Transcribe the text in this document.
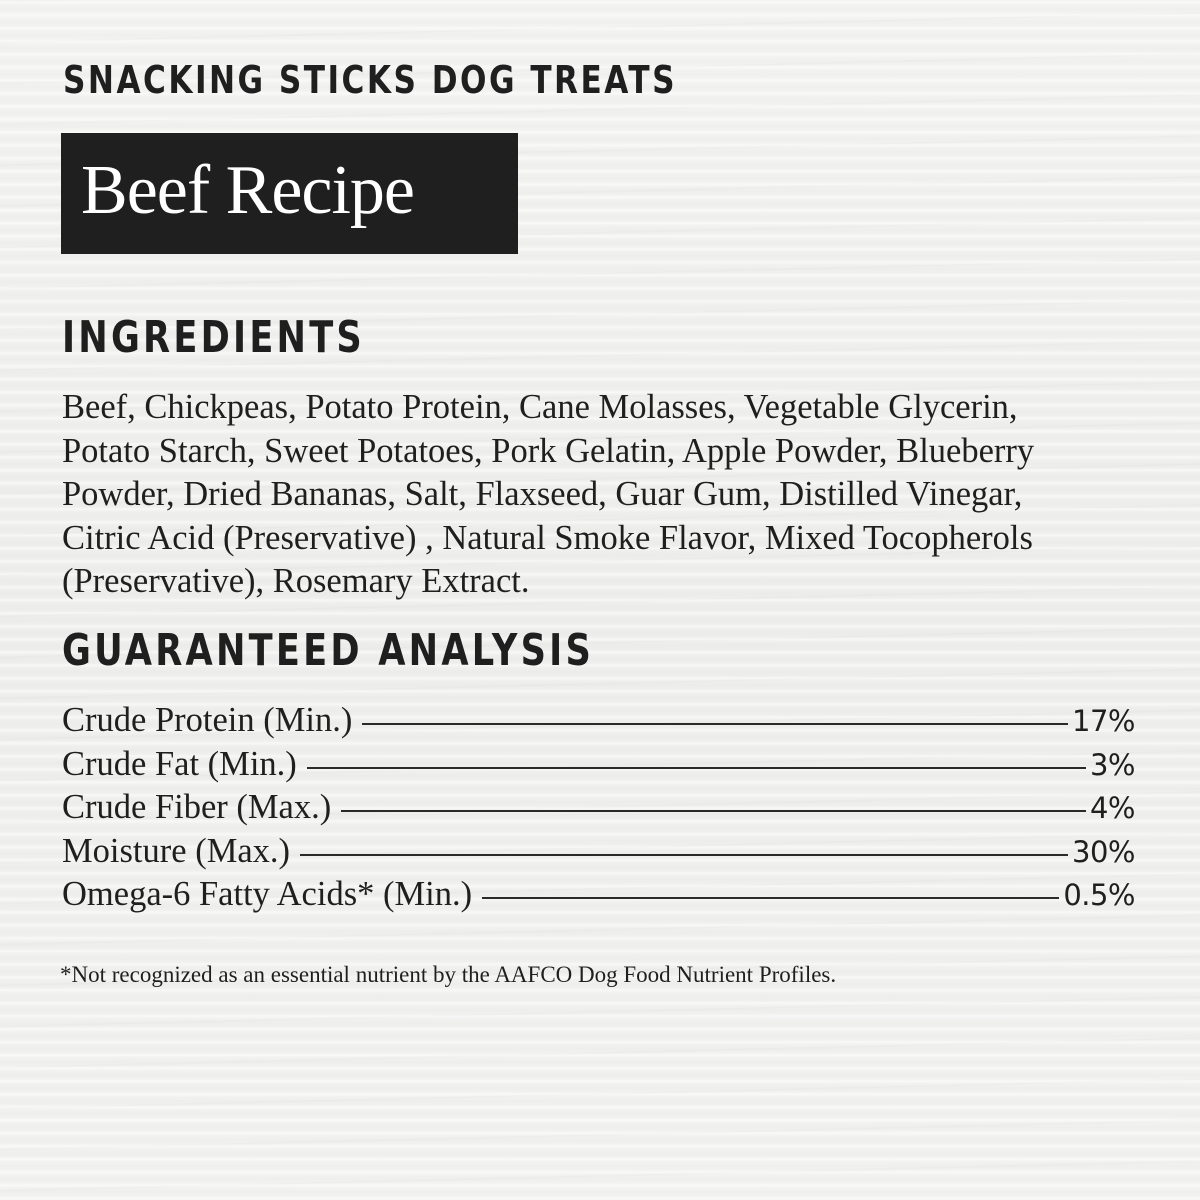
SNACKING STICKS DOG TREATS
Beef Recipe
INGREDIENTS
Beef, Chickpeas, Potato Protein, Cane Molasses, Vegetable Glycerin,
Potato Starch, Sweet Potatoes, Pork Gelatin, Apple Powder, Blueberry
Powder, Dried Bananas, Salt, Flaxseed, Guar Gum, Distilled Vinegar,
Citric Acid (Preservative) , Natural Smoke Flavor, Mixed Tocopherols
(Preservative), Rosemary Extract.
GUARANTEED ANALYSIS
Crude Protein (Min.)	17%
Crude Fat (Min.)	3%
Crude Fiber (Max.)	4%
Moisture (Max.)	30%
Omega-6 Fatty Acids* (Min.)	0.5%
*Not recognized as an essential nutrient by the AAFCO Dog Food Nutrient Profiles.
